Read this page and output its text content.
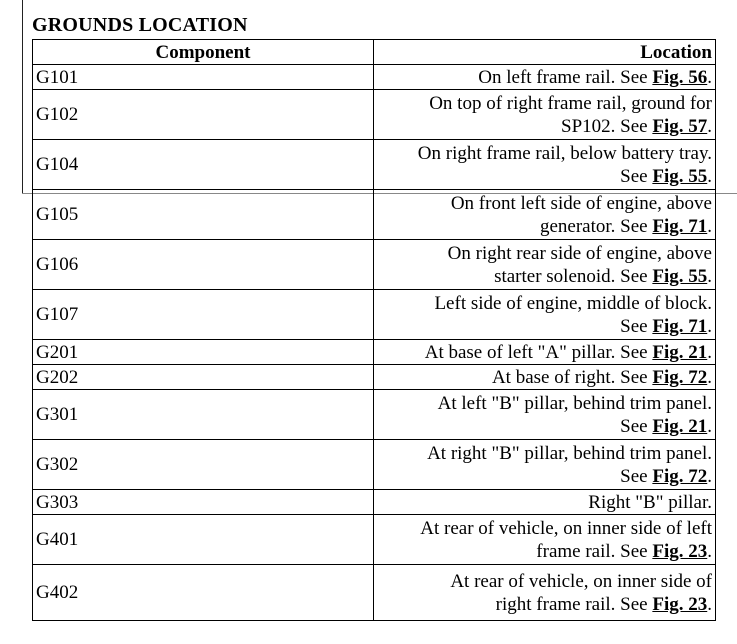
GROUNDS LOCATION
Component	Location
G101	On left frame rail. See Fig. 56.
G102	On top of right frame rail, ground for
SP102. See Fig. 57.
G104	On right frame rail, below battery tray.
See Fig. 55.
G105	On front left side of engine, above
generator. See Fig. 71.
G106	On right rear side of engine, above
starter solenoid. See Fig. 55.
G107	Left side of engine, middle of block.
See Fig. 71.
G201	At base of left "A" pillar. See Fig. 21.
G202	At base of right. See Fig. 72.
G301	At left "B" pillar, behind trim panel.
See Fig. 21.
G302	At right "B" pillar, behind trim panel.
See Fig. 72.
G303	Right "B" pillar.
G401	At rear of vehicle, on inner side of left
frame rail. See Fig. 23.
G402	At rear of vehicle, on inner side of
right frame rail. See Fig. 23.
